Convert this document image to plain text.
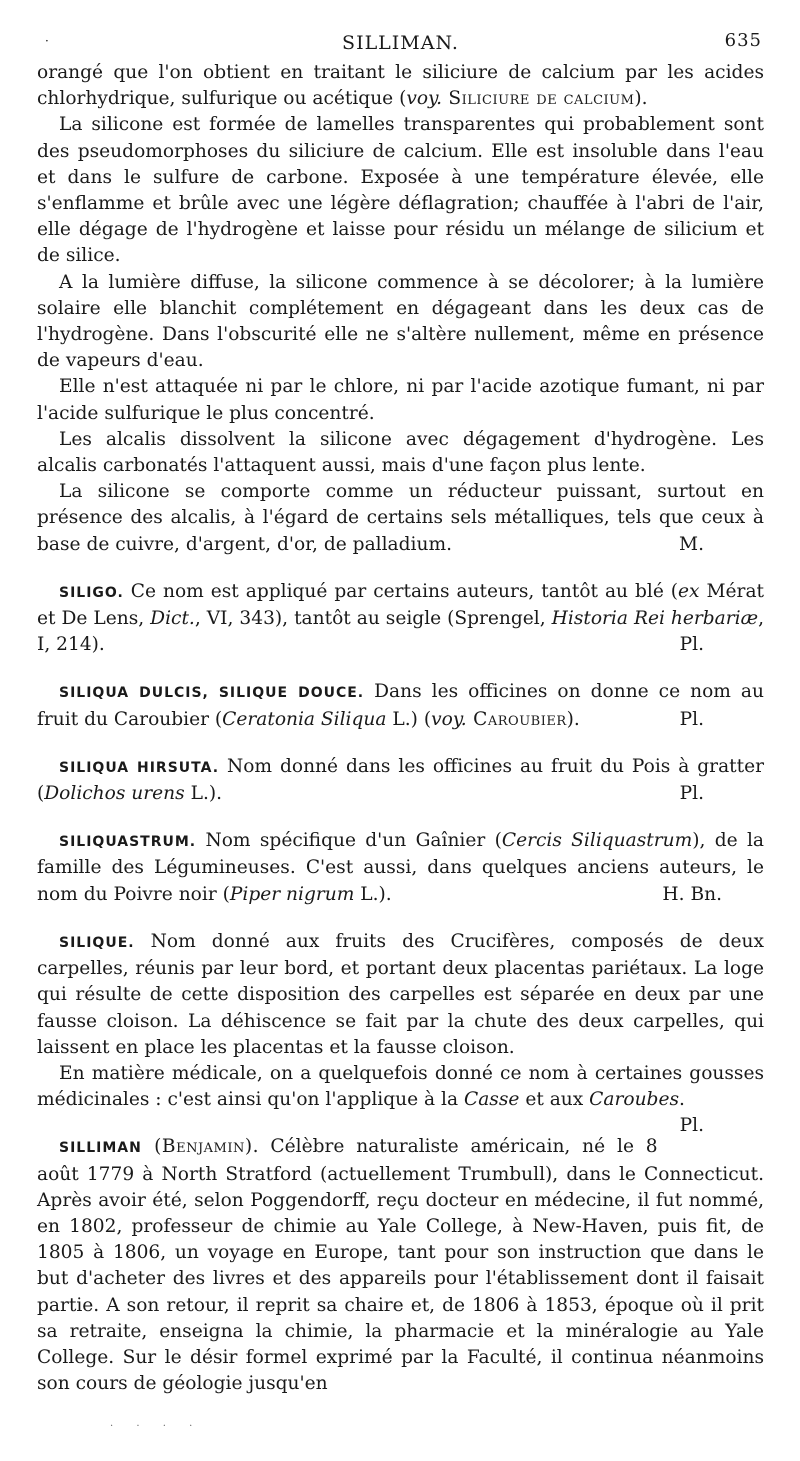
·	SILLIMAN.	635

orangé que l'on obtient en traitant le siliciure de calcium par les acides chlorhydrique, sulfurique ou acétique (voy. Siliciure de calcium).

La silicone est formée de lamelles transparentes qui probablement sont des pseudomorphoses du siliciure de calcium. Elle est insoluble dans l'eau et dans le sulfure de carbone. Exposée à une température élevée, elle s'enflamme et brûle avec une légère déflagration; chauffée à l'abri de l'air, elle dégage de l'hydrogène et laisse pour résidu un mélange de silicium et de silice.

A la lumière diffuse, la silicone commence à se décolorer; à la lumière solaire elle blanchit complétement en dégageant dans les deux cas de l'hydrogène. Dans l'obscurité elle ne s'altère nullement, même en présence de vapeurs d'eau.

Elle n'est attaquée ni par le chlore, ni par l'acide azotique fumant, ni par l'acide sulfurique le plus concentré.

Les alcalis dissolvent la silicone avec dégagement d'hydrogène. Les alcalis carbonatés l'attaquent aussi, mais d'une façon plus lente.

La silicone se comporte comme un réducteur puissant, surtout en présence des alcalis, à l'égard de certains sels métalliques, tels que ceux à base de cuivre, d'argent, d'or, de palladium.	M.

SILIGO. Ce nom est appliqué par certains auteurs, tantôt au blé (ex Mérat et De Lens, Dict., VI, 343), tantôt au seigle (Sprengel, Historia Rei herbariæ, I, 214).	Pl.

SILIQUA DULCIS, SILIQUE DOUCE. Dans les officines on donne ce nom au fruit du Caroubier (Ceratonia Siliqua L.) (voy. Caroubier).	Pl.

SILIQUA HIRSUTA. Nom donné dans les officines au fruit du Pois à gratter (Dolichos urens L.).	Pl.

SILIQUASTRUM. Nom spécifique d'un Gaînier (Cercis Siliquastrum), de la famille des Légumineuses. C'est aussi, dans quelques anciens auteurs, le nom du Poivre noir (Piper nigrum L.).	H. Bn.

SILIQUE. Nom donné aux fruits des Crucifères, composés de deux carpelles, réunis par leur bord, et portant deux placentas pariétaux. La loge qui résulte de cette disposition des carpelles est séparée en deux par une fausse cloison. La déhiscence se fait par la chute des deux carpelles, qui laissent en place les placentas et la fausse cloison.

En matière médicale, on a quelquefois donné ce nom à certaines gousses médicinales : c'est ainsi qu'on l'applique à la Casse et aux Caroubes.
Pl.

SILLIMAN (Benjamin). Célèbre naturaliste américain, né le 8 août 1779 à North Stratford (actuellement Trumbull), dans le Connecticut. Après avoir été, selon Poggendorff, reçu docteur en médecine, il fut nommé, en 1802, professeur de chimie au Yale College, à New-Haven, puis fit, de 1805 à 1806, un voyage en Europe, tant pour son instruction que dans le but d'acheter des livres et des appareils pour l'établissement dont il faisait partie. A son retour, il reprit sa chaire et, de 1806 à 1853, époque où il prit sa retraite, enseigna la chimie, la pharmacie et la minéralogie au Yale College. Sur le désir formel exprimé par la Faculté, il continua néanmoins son cours de géologie jusqu'en

. . . .
